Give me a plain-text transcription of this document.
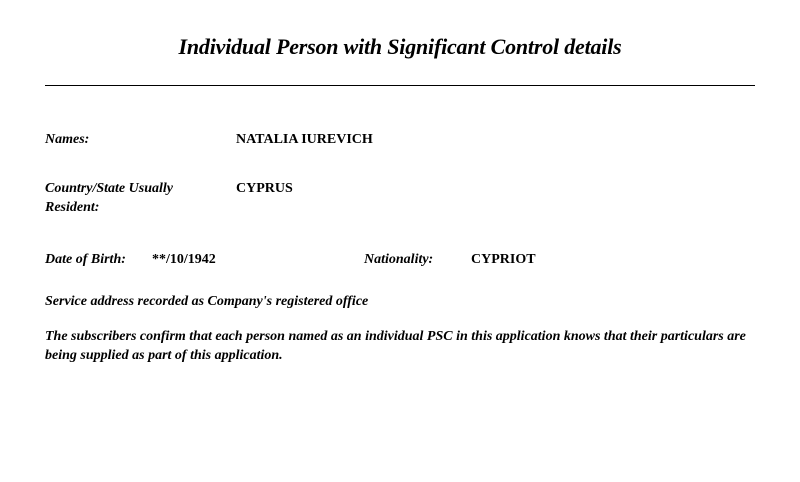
Individual Person with Significant Control details
Names:	NATALIA IUREVICH
Country/State Usually Resident:
CYPRUS
Date of Birth: **/10/1942	Nationality:	CYPRIOT
Service address recorded as Company's registered office
The subscribers confirm that each person named as an individual PSC in this application knows that their particulars are being supplied as part of this application.
